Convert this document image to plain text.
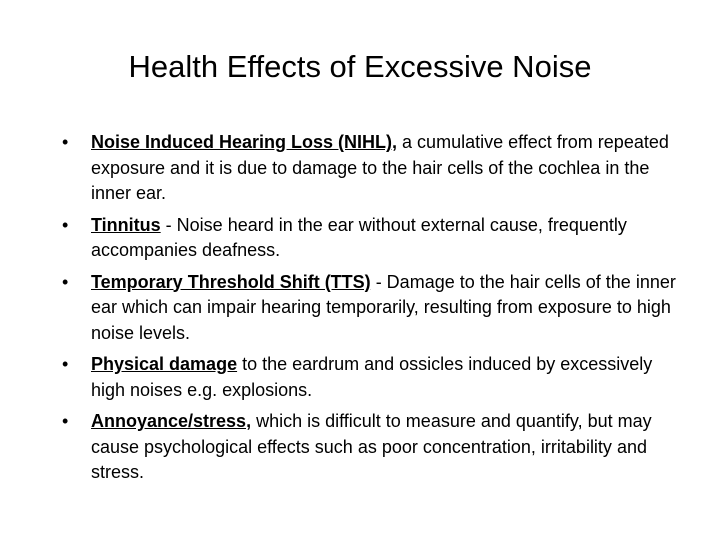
Health Effects of Excessive Noise
• Noise Induced Hearing Loss (NIHL), a cumulative effect from repeated exposure and it is due to damage to the hair cells of the cochlea in the inner ear.
• Tinnitus - Noise heard in the ear without external cause, frequently accompanies deafness.
• Temporary Threshold Shift (TTS) - Damage to the hair cells of the inner ear which can impair hearing temporarily, resulting from exposure to high noise levels.
• Physical damage to the eardrum and ossicles induced by excessively high noises e.g. explosions.
• Annoyance/stress, which is difficult to measure and quantify, but may cause psychological effects such as poor concentration, irritability and stress.
